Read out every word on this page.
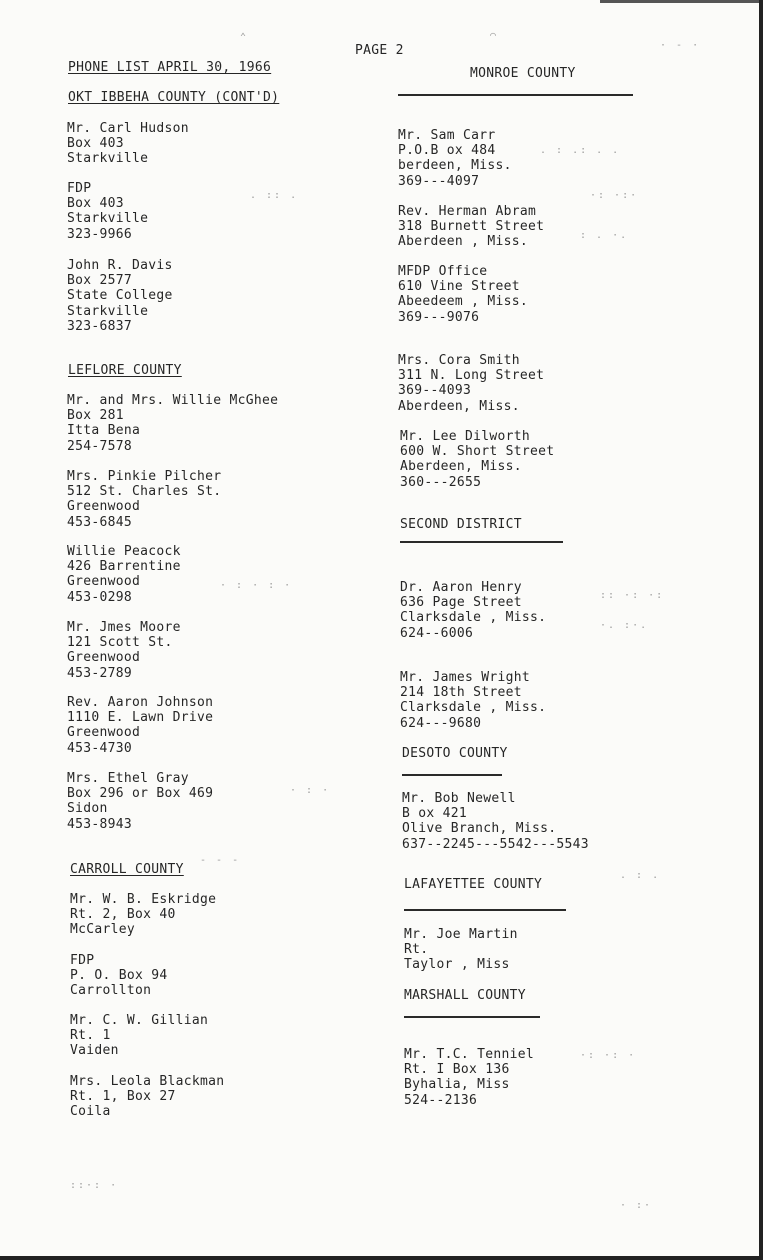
PAGE 2
PHONE LIST APRIL 30, 1966
OKT IBBEHA COUNTY (CONT'D)
Mr. Carl Hudson
Box 403
Starkville
FDP
Box 403
Starkville
323-9966
John R. Davis
Box 2577
State College
Starkville
323-6837
LEFLORE COUNTY
Mr. and Mrs. Willie McGhee
Box 281
Itta Bena
254-7578
Mrs. Pinkie Pilcher
512 St. Charles St.
Greenwood
453-6845
Willie Peacock
426 Barrentine
Greenwood
453-0298
Mr. Jmes Moore
121 Scott St.
Greenwood
453-2789
Rev. Aaron Johnson
1110 E. Lawn Drive
Greenwood
453-4730
Mrs. Ethel Gray
Box 296 or Box 469
Sidon
453-8943
CARROLL COUNTY
Mr. W. B. Eskridge
Rt. 2, Box 40
McCarley
FDP
P. O. Box 94
Carrollton
Mr. C. W. Gillian
Rt. 1
Vaiden
Mrs. Leola Blackman
Rt. 1, Box 27
Coila
MONROE COUNTY
Mr. Sam Carr
P.O.B ox 484
berdeen, Miss.
369---4097
Rev. Herman Abram
318 Burnett Street
Aberdeen , Miss.
MFDP Office
610 Vine Street
Abeedeem , Miss.
369---9076
Mrs. Cora Smith
311 N. Long Street
369--4093
Aberdeen, Miss.
Mr. Lee Dilworth
600 W. Short Street
Aberdeen, Miss.
360---2655
SECOND DISTRICT
Dr. Aaron Henry
636 Page Street
Clarksdale , Miss.
624--6006
Mr. James Wright
214 18th Street
Clarksdale , Miss.
624---9680
DESOTO COUNTY
Mr. Bob Newell
B ox 421
Olive Branch, Miss.
637--2245---5542---5543
LAFAYETTEE COUNTY
Mr. Joe Martin
Rt.
Taylor , Miss
MARSHALL COUNTY
Mr. T.C. Tenniel
Rt. I Box 136
Byhalia, Miss
524--2136
⌃	⌒
· - ·
. : .: . .
. :: .	·: ·:·
: . ·.
· : · : ·
:: ·: ·:
·. :·.
· : ·
- - -
. : .
·: ·: ·
::·: ·
· :·
